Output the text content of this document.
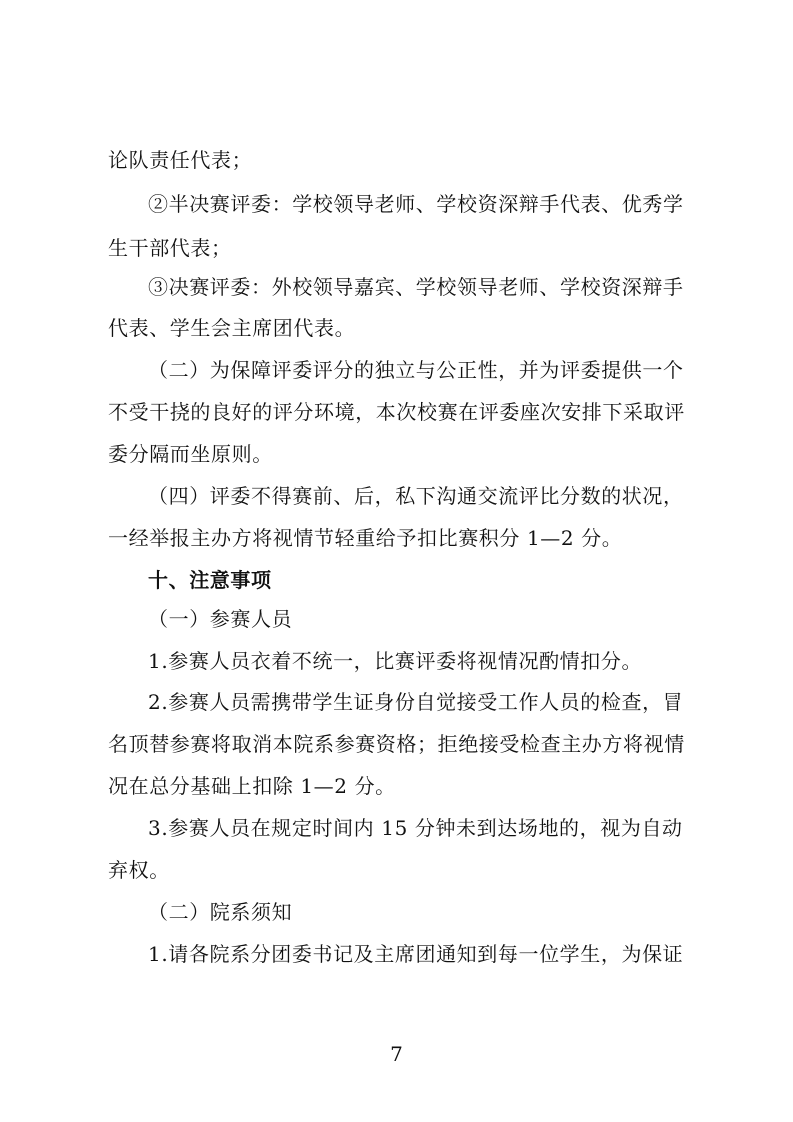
论队责任代表；
②半决赛评委：学校领导老师、学校资深辩手代表、优秀学
生干部代表；
③决赛评委：外校领导嘉宾、学校领导老师、学校资深辩手
代表、学生会主席团代表。
（二）为保障评委评分的独立与公正性，并为评委提供一个
不受干挠的良好的评分环境，本次校赛在评委座次安排下采取评
委分隔而坐原则。
（四）评委不得赛前、后，私下沟通交流评比分数的状况，
一经举报主办方将视情节轻重给予扣比赛积分 1—2 分。
十、注意事项
（一）参赛人员
1.参赛人员衣着不统一，比赛评委将视情况酌情扣分。
2.参赛人员需携带学生证身份自觉接受工作人员的检查，冒
名顶替参赛将取消本院系参赛资格；拒绝接受检查主办方将视情
况在总分基础上扣除 1—2 分。
3.参赛人员在规定时间内 15 分钟未到达场地的，视为自动
弃权。
（二）院系须知
1.请各院系分团委书记及主席团通知到每一位学生，为保证
7
